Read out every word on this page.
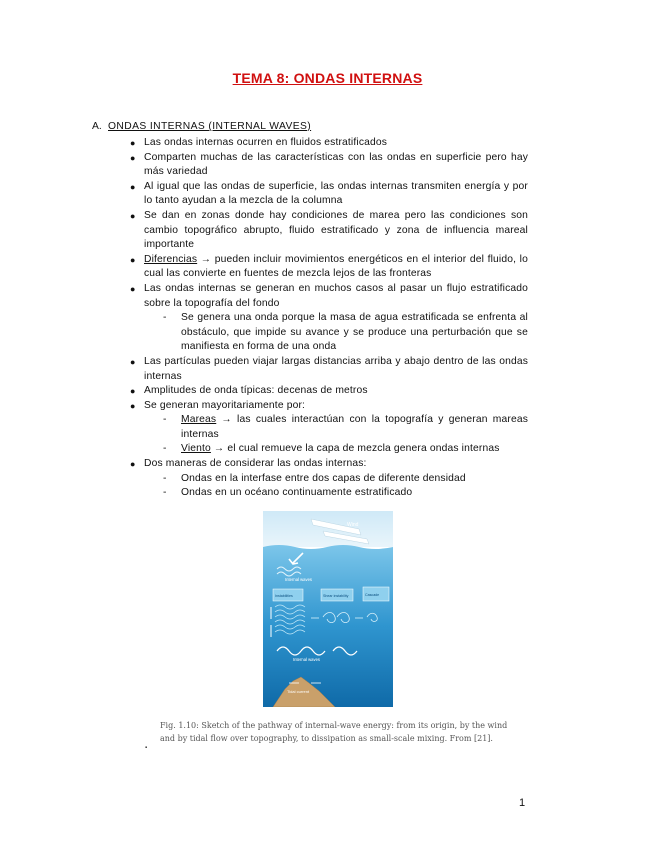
TEMA 8: ONDAS INTERNAS
A. ONDAS INTERNAS (INTERNAL WAVES)
● Las ondas internas ocurren en fluidos estratificados
● Comparten muchas de las características con las ondas en superficie pero hay más variedad
● Al igual que las ondas de superficie, las ondas internas transmiten energía y por lo tanto ayudan a la mezcla de la columna
● Se dan en zonas donde hay condiciones de marea pero las condiciones son cambio topográfico abrupto, fluido estratificado y zona de influencia mareal importante
● Diferencias → pueden incluir movimientos energéticos en el interior del fluido, lo cual las convierte en fuentes de mezcla lejos de las fronteras
● Las ondas internas se generan en muchos casos al pasar un flujo estratificado sobre la topografía del fondo
- Se genera una onda porque la masa de agua estratificada se enfrenta al obstáculo, que impide su avance y se produce una perturbación que se manifiesta en forma de una onda
● Las partículas pueden viajar largas distancias arriba y abajo dentro de las ondas internas
● Amplitudes de onda típicas: decenas de metros
● Se generan mayoritariamente por:
- Mareas → las cuales interactúan con la topografía y generan mareas internas
- Viento → el cual remueve la capa de mezcla genera ondas internas
● Dos maneras de considerar las ondas internas:
- Ondas en la interfase entre dos capas de diferente densidad
- Ondas en un océano continuamente estratificado
Wind
Internal waves
Instabilities	Shear instability	Cascade
Internal waves
Tidal current
Fig. 1.10: Sketch of the pathway of internal-wave energy: from its origin, by the wind and by tidal flow over topography, to dissipation as small-scale mixing. From [21].
▪
1
